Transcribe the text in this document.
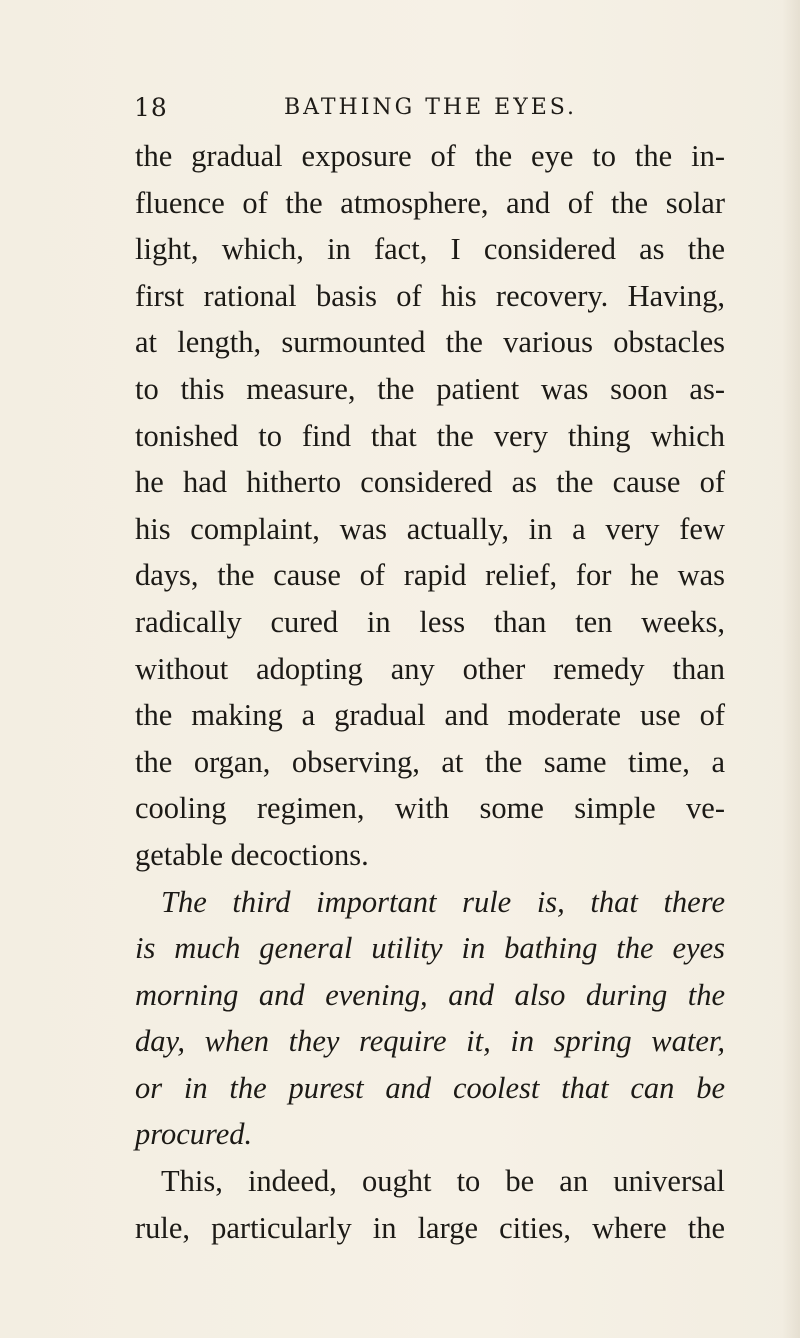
18	BATHING THE EYES.
the gradual exposure of the eye to the in-
fluence of the atmosphere, and of the solar
light, which, in fact, I considered as the
first rational basis of his recovery. Having,
at length, surmounted the various obstacles
to this measure, the patient was soon as-
tonished to find that the very thing which
he had hitherto considered as the cause of
his complaint, was actually, in a very few
days, the cause of rapid relief, for he was
radically cured in less than ten weeks,
without adopting any other remedy than
the making a gradual and moderate use of
the organ, observing, at the same time, a
cooling regimen, with some simple ve-
getable decoctions.
The third important rule is, that there
is much general utility in bathing the eyes
morning and evening, and also during the
day, when they require it, in spring water,
or in the purest and coolest that can be
procured.
This, indeed, ought to be an universal
rule, particularly in large cities, where the
